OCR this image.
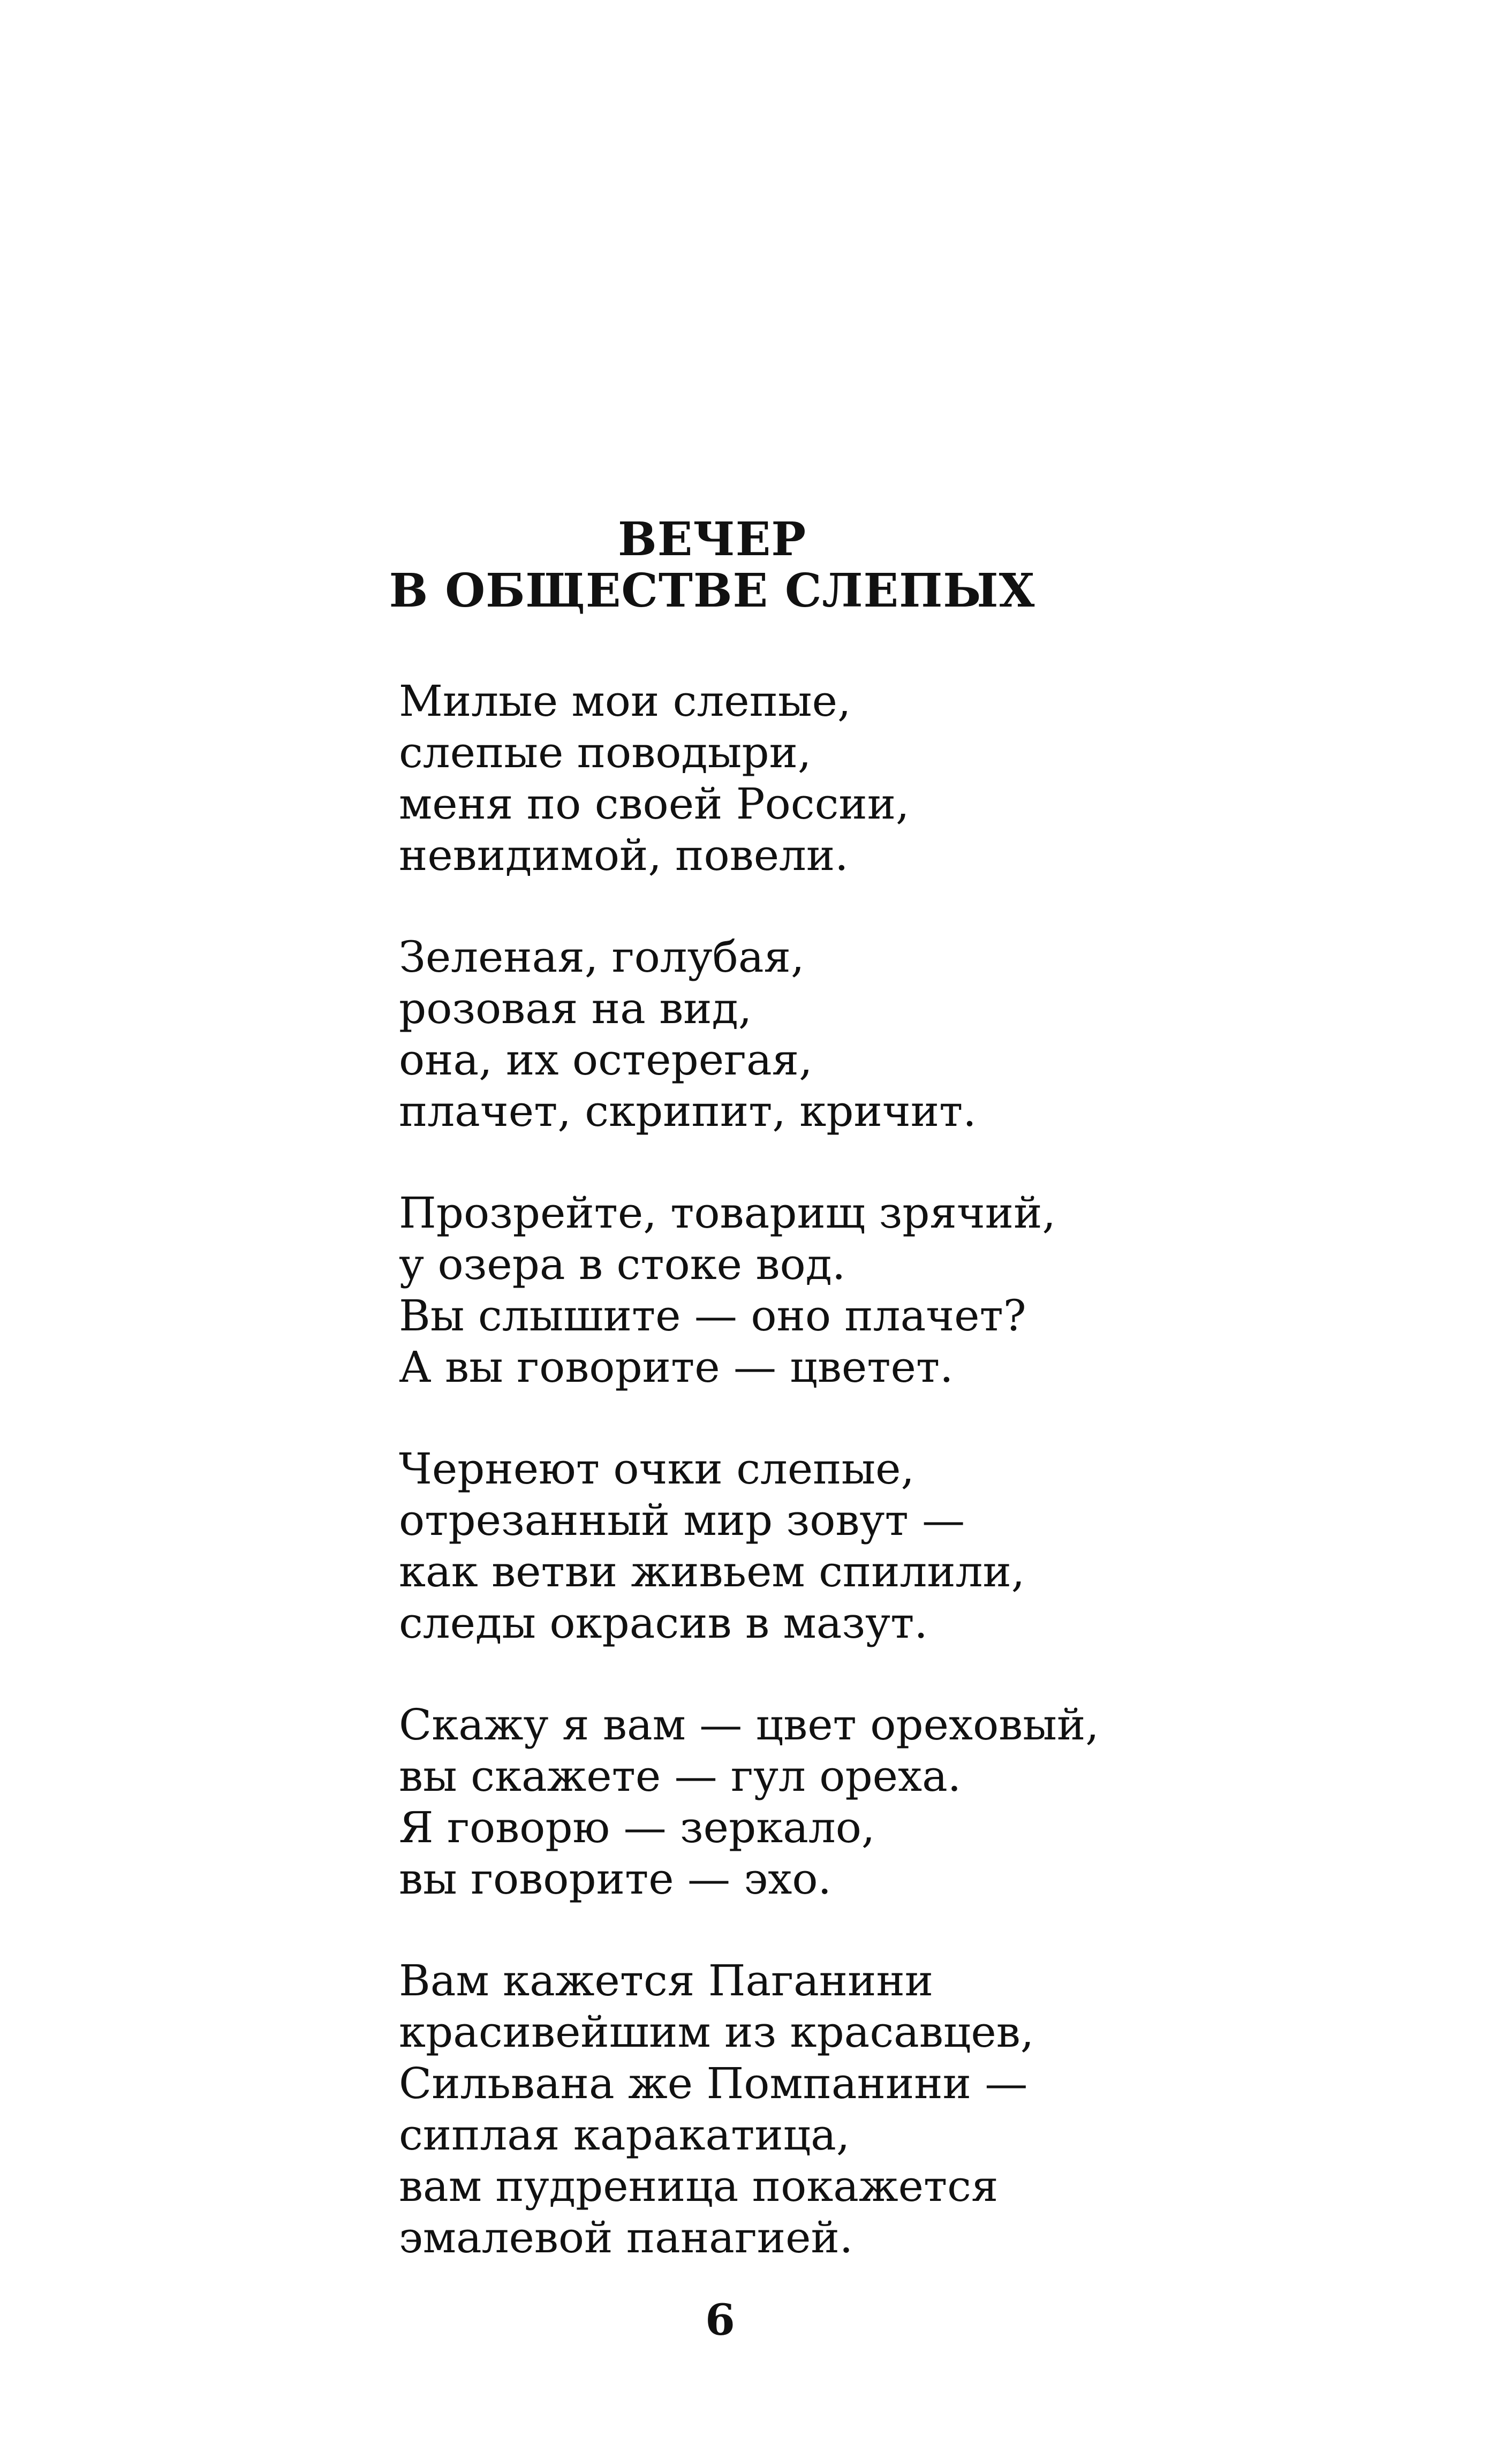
ВЕЧЕР
В ОБЩЕСТВЕ СЛЕПЫХ
Милые мои слепые,
слепые поводыри,
меня по своей России,
невидимой, повели.
Зеленая, голубая,
розовая на вид,
она, их остерегая,
плачет, скрипит, кричит.
Прозрейте, товарищ зрячий,
у озера в стоке вод.
Вы слышите — оно плачет?
А вы говорите — цветет.
Чернеют очки слепые,
отрезанный мир зовут —
как ветви живьем спилили,
следы окрасив в мазут.
Скажу я вам — цвет ореховый,
вы скажете — гул ореха.
Я говорю — зеркало,
вы говорите — эхо.
Вам кажется Паганини
красивейшим из красавцев,
Сильвана же Помпанини —
сиплая каракатица,
вам пудреница покажется
эмалевой панагией.
6
